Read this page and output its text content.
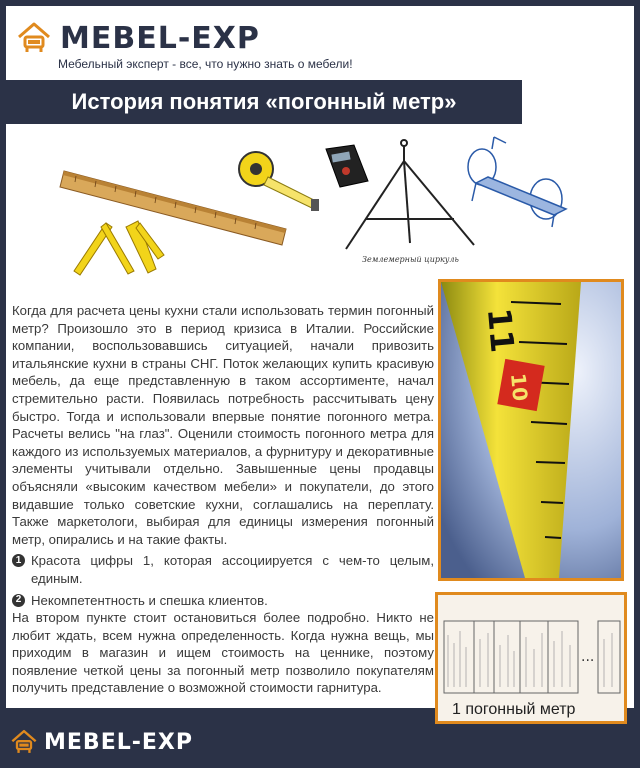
MEBEL-EXP
Мебельный эксперт - все, что нужно знать о мебели!
История понятия «погонный метр»
Землемерный циркуль

Когда для расчета цены кухни стали использовать термин погонный метр? Произошло это в период кризиса в Италии. Российские компании, воспользовавшись ситуацией, начали привозить итальянские кухни в страны СНГ. Поток желающих купить красивую мебель, да еще представленную в таком ассортименте, начал стремительно расти. Появилась потребность рассчитывать цену быстро. Тогда и использовали впервые понятие погонного метра. Расчеты велись "на глаз". Оценили стоимость погонного метра для каждого из используемых материалов, а фурнитуру и декоративные элементы учитывали отдельно. Завышенные цены продавцы объясняли «высоким качеством мебели» и покупатели, до этого видавшие только советские кухни, соглашались на переплату. Также маркетологи, выбирая для единицы измерения погонный метр, опирались и на такие факты.

1 Красота цифры 1, которая ассоциируется с чем-то целым, единым.
2 Некомпетентность и спешка клиентов.

На втором пункте стоит остановиться более подробно. Никто не любит ждать, всем нужна определенность. Когда нужна вещь, мы приходим в магазин и ищем стоимость на ценнике, поэтому появление четкой цены за погонный метр позволило покупателям получить представление о возможной стоимости гарнитура.

11
10
...
1 погонный метр
MEBEL-EXP
